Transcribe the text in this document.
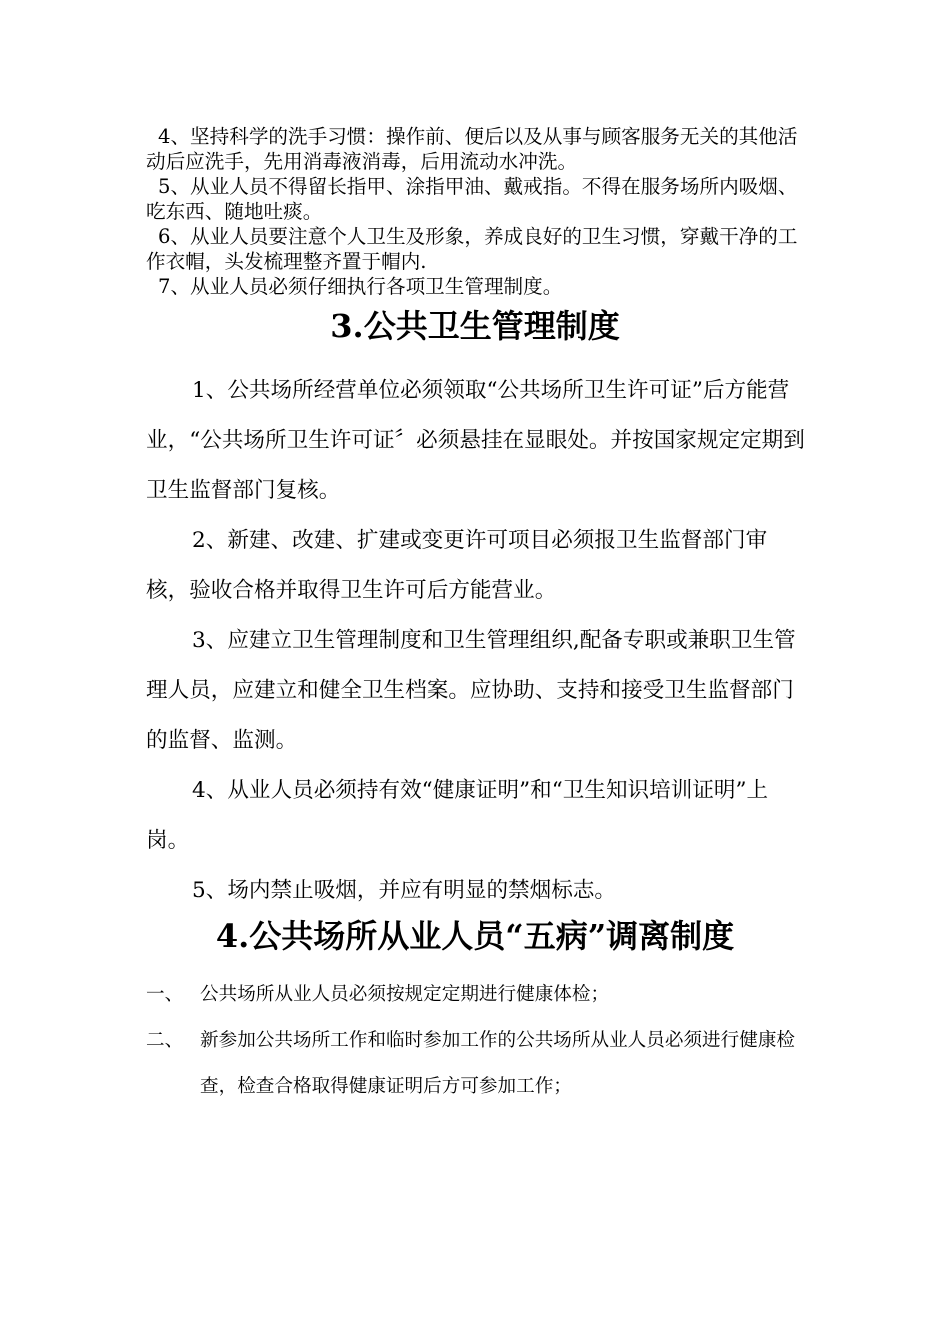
4、坚持科学的洗手习惯：操作前、便后以及从事与顾客服务无关的其他活动后应洗手，先用消毒液消毒，后用流动水冲洗。

5、从业人员不得留长指甲、涂指甲油、戴戒指。不得在服务场所内吸烟、吃东西、随地吐痰。

6、从业人员要注意个人卫生及形象，养成良好的卫生习惯，穿戴干净的工作衣帽，头发梳理整齐置于帽内.

7、从业人员必须仔细执行各项卫生管理制度。

3.公共卫生管理制度

1、公共场所经营单位必须领取“公共场所卫生许可证”后方能营业，“公共场所卫生许可证〞必须悬挂在显眼处。并按国家规定定期到卫生监督部门复核。

2、新建、改建、扩建或变更许可项目必须报卫生监督部门审核，验收合格并取得卫生许可后方能营业。

3、应建立卫生管理制度和卫生管理组织,配备专职或兼职卫生管理人员，应建立和健全卫生档案。应协助、支持和接受卫生监督部门的监督、监测。

4、从业人员必须持有效“健康证明”和“卫生知识培训证明”上岗。

5、场内禁止吸烟，并应有明显的禁烟标志。

4.公共场所从业人员“五病”调离制度
一、 公共场所从业人员必须按规定定期进行健康体检；
二、 新参加公共场所工作和临时参加工作的公共场所从业人员必须进行健康检查，检查合格取得健康证明后方可参加工作；
